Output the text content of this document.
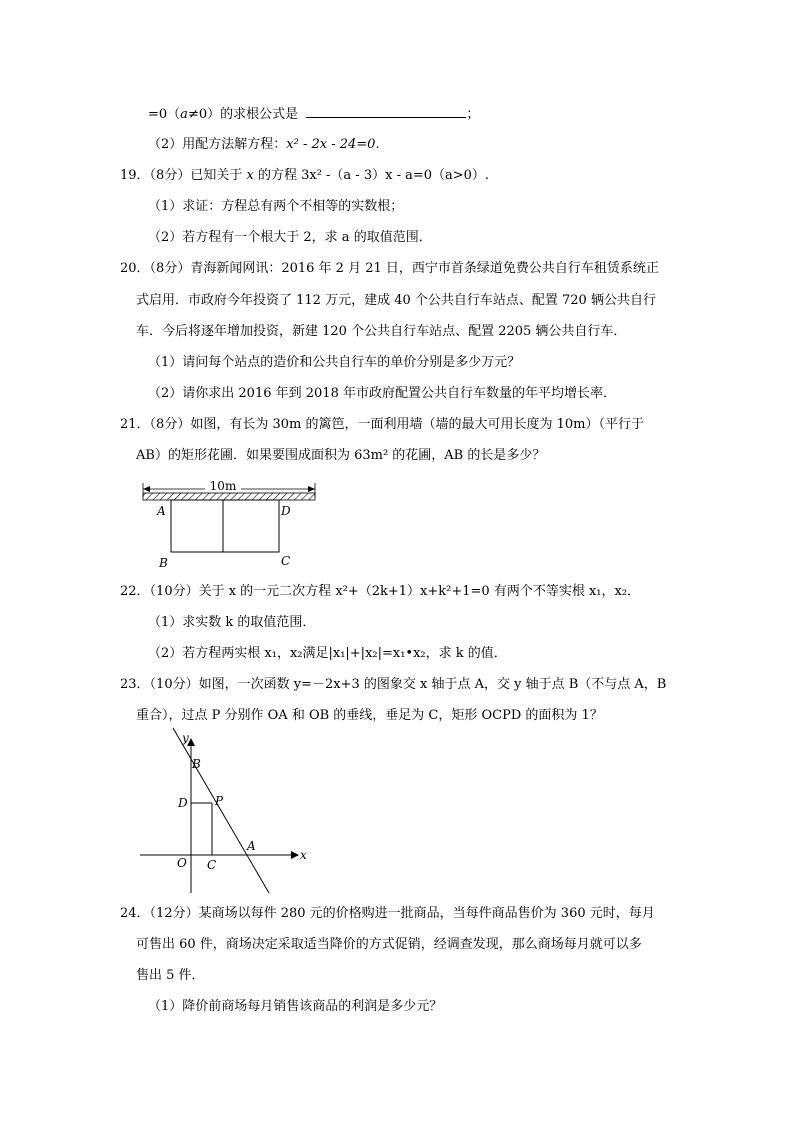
=0（a≠0）的求根公式是	；
（2）用配方法解方程：x² - 2x - 24=0.
19．（8分）已知关于 x 的方程 3x² -（a - 3）x - a=0（a>0）.
（1）求证：方程总有两个不相等的实数根；
（2）若方程有一个根大于 2，求 a 的取值范围．
20．（8分）青海新闻网讯：2016 年 2 月 21 日，西宁市首条绿道免费公共自行车租赁系统正
式启用．市政府今年投资了 112 万元，建成 40 个公共自行车站点、配置 720 辆公共自行
车．今后将逐年增加投资，新建 120 个公共自行车站点、配置 2205 辆公共自行车．
（1）请问每个站点的造价和公共自行车的单价分别是多少万元？
（2）请你求出 2016 年到 2018 年市政府配置公共自行车数量的年平均增长率．
21．（8分）如图，有长为 30m 的篱笆，一面利用墙（墙的最大可用长度为 10m）（平行于
AB）的矩形花圃．如果要围成面积为 63m² 的花圃，AB 的长是多少？
10m
A	D
B	C
22．（10分）关于 x 的一元二次方程 x²+（2k+1）x+k²+1=0 有两个不等实根 x₁，x₂．
（1）求实数 k 的取值范围．
（2）若方程两实根 x₁，x₂满足|x₁|+|x₂|=x₁•x₂，求 k 的值．
23．（10分）如图，一次函数 y=－2x+3 的图象交 x 轴于点 A，交 y 轴于点 B（不与点 A，B
重合），过点 P 分别作 OA 和 OB 的垂线，垂足为 C，矩形 OCPD 的面积为 1？
y
x
B
D P
O C
A
24．（12分）某商场以每件 280 元的价格购进一批商品，当每件商品售价为 360 元时，每月
可售出 60 件，商场决定采取适当降价的方式促销，经调查发现，那么商场每月就可以多
售出 5 件．
（1）降价前商场每月销售该商品的利润是多少元？
